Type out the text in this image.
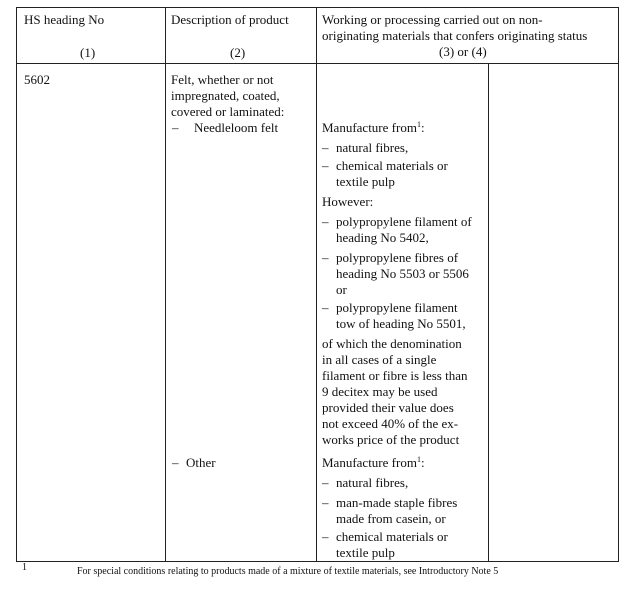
HS heading No
(1)
Description of product
(2)
Working or processing carried out on non-
originating materials that confers originating status
(3) or (4)
5602	Felt, whether or not
impregnated, coated,
covered or laminated:
– Needleloom felt
– Other
Manufacture from$^1$:
– natural fibres,
– chemical materials or
textile pulp
However:
– polypropylene filament of
heading No 5402,
– polypropylene fibres of
heading No 5503 or 5506
or
– polypropylene filament
tow of heading No 5501,
of which the denomination
in all cases of a single
filament or fibre is less than
9 decitex may be used
provided their value does
not exceed 40% of the ex-
works price of the product
Manufacture from$^1$:
– natural fibres,
– man-made staple fibres
made from casein, or
– chemical materials or
textile pulp
1	For special conditions relating to products made of a mixture of textile materials, see Introductory Note 5
